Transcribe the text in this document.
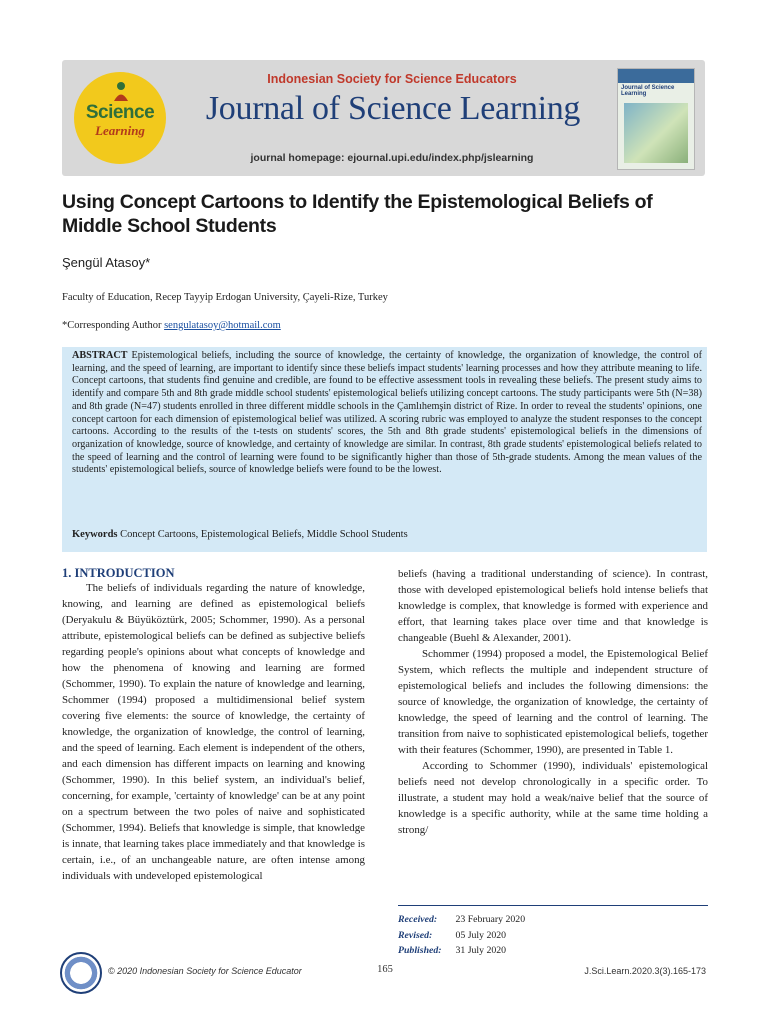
Science
Learning
Indonesian Society for Science Educators
Journal of Science Learning
journal homepage: ejournal.upi.edu/index.php/jslearning
Journal of Science Learning
Using Concept Cartoons to Identify the Epistemological Beliefs of Middle School Students
Şengül Atasoy*
Faculty of Education, Recep Tayyip Erdogan University, Çayeli-Rize, Turkey
*Corresponding Author sengulatasoy@hotmail.com
ABSTRACT Epistemological beliefs, including the source of knowledge, the certainty of knowledge, the organization of knowledge, the control of learning, and the speed of learning, are important to identify since these beliefs impact students' learning processes and how they attribute meaning to life. Concept cartoons, that students find genuine and credible, are found to be effective assessment tools in revealing these beliefs. The present study aims to identify and compare 5th and 8th grade middle school students' epistemological beliefs utilizing concept cartoons. The study participants were 5th (N=38) and 8th grade (N=47) students enrolled in three different middle schools in the Çamlıhemşin district of Rize. In order to reveal the students' opinions, one concept cartoon for each dimension of epistemological belief was utilized. A scoring rubric was employed to analyze the student responses to the concept cartoons. According to the results of the t-tests on students' scores, the 5th and 8th grade students' epistemological beliefs in the dimensions of organization of knowledge, source of knowledge, and certainty of knowledge are similar. In contrast, 8th grade students' epistemological beliefs related to the speed of learning and the control of learning were found to be significantly higher than those of 5th-grade students. Among the mean values of the students' epistemological beliefs, source of knowledge beliefs were found to be the lowest.
Keywords Concept Cartoons, Epistemological Beliefs, Middle School Students
1. INTRODUCTION

The beliefs of individuals regarding the nature of knowledge, knowing, and learning are defined as epistemological beliefs (Deryakulu & Büyüköztürk, 2005; Schommer, 1990). As a personal attribute, epistemological beliefs can be defined as subjective beliefs regarding people's opinions about what concepts of knowledge and how the phenomena of knowing and learning are formed (Schommer, 1990). To explain the nature of knowledge and learning, Schommer (1994) proposed a multidimensional belief system covering five elements: the source of knowledge, the certainty of knowledge, the organization of knowledge, the control of learning, and the speed of learning. Each element is independent of the others, and each dimension has different impacts on learning and knowing (Schommer, 1990). In this belief system, an individual's belief, concerning, for example, 'certainty of knowledge' can be at any point on a spectrum between the two poles of naive and sophisticated (Schommer, 1994). Beliefs that knowledge is simple, that knowledge is innate, that learning takes place immediately and that knowledge is certain, i.e., of an unchangeable nature, are often intense among individuals with undeveloped epistemological

beliefs (having a traditional understanding of science). In contrast, those with developed epistemological beliefs hold intense beliefs that knowledge is complex, that knowledge is formed with experience and effort, that learning takes place over time and that knowledge is changeable (Buehl & Alexander, 2001).

Schommer (1994) proposed a model, the Epistemological Belief System, which reflects the multiple and independent structure of epistemological beliefs and includes the following dimensions: the source of knowledge, the organization of knowledge, the certainty of knowledge, the speed of learning and the control of learning. The transition from naive to sophisticated epistemological beliefs, together with their features (Schommer, 1990), are presented in Table 1.

According to Schommer (1990), individuals' epistemological beliefs need not develop chronologically in a specific order. To illustrate, a student may hold a weak/naive belief that the source of knowledge is a specific authority, while at the same time holding a strong/

Received: 23 February 2020
Revised: 05 July 2020
Published: 31 July 2020
© 2020 Indonesian Society for Science Educator	165	J.Sci.Learn.2020.3(3).165-173
